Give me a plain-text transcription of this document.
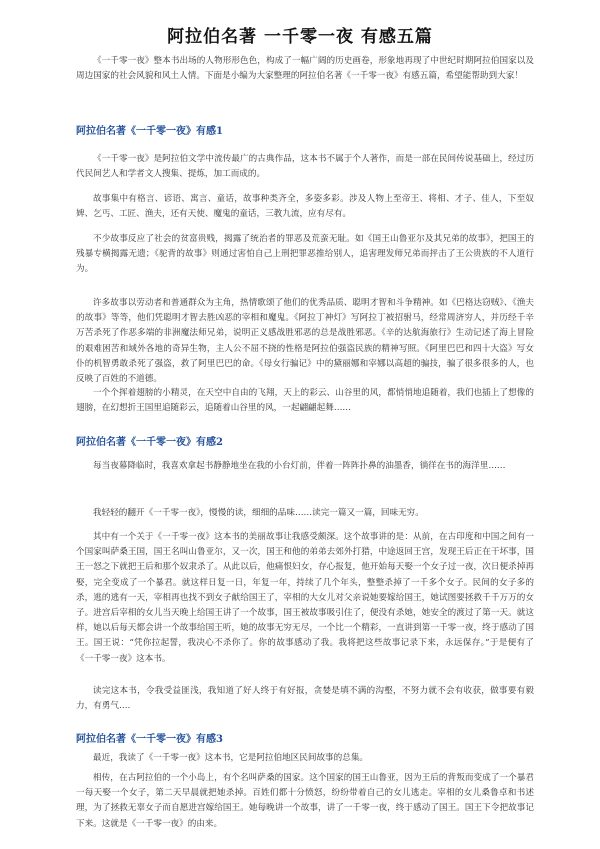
阿拉伯名著 一千零一夜 有感五篇

《一千零一夜》整本书出场的人物形形色色，构成了一幅广阔的历史画卷，形象地再现了中世纪时期阿拉伯国家以及周边国家的社会风貌和风土人情。下面是小编为大家整理的阿拉伯名著《一千零一夜》有感五篇，希望能帮助到大家！

阿拉伯名著《一千零一夜》有感1

《一千零一夜》是阿拉伯文学中流传最广的古典作品，这本书不属于个人著作，而是一部在民间传说基础上，经过历代民间艺人和学者文人搜集、提炼，加工而成的。

故事集中有格言、谚语、寓言、童话，故事种类齐全，多姿多彩。涉及人物上至帝王、将相、才子、佳人，下至奴婢、乞丐、工匠、渔夫，还有天使、魔鬼的童话，三教九流，应有尽有。

不少故事反应了社会的贫富贵贱，揭露了统治者的罪恶及荒蛮无耻。如《国王山鲁亚尔及其兄弟的故事》，把国王的残暴专横揭露无遗；《驼背的故事》则通过害怕自己上刑把罪恶推给别人，追害理发师兄弟而抨击了王公贵族的不人道行为。

许多故事以劳动者和普通群众为主角，热情歌颂了他们的优秀品质、聪明才智和斗争精神。如《巴格达窃贼》、《渔夫的故事》等等，他们凭聪明才智去胜凶恶的宰相和魔鬼。《阿拉丁神灯》写阿拉丁被招驸马，经常周济穷人，并历经千辛万苦杀死了作恶多端的非洲魔法师兄弟，说明正义感战胜邪恶的总是战胜邪恶。《辛的达航海旅行》生动记述了海上冒险的艰难困苦和域外各地的奇异生物，主人公不屈不挠的性格是阿拉伯强盗民族的精神写照。《阿里巴巴和四十大盗》写女仆的机智勇敢杀死了强盗，救了阿里巴巴的命。《母女行骗记》中的黛丽娜和宰娜以高超的骗技，骗了很多很多的人，也反映了百姓的不道德。

一个个挥着翅膀的小精灵，在天空中自由的飞翔，天上的彩云、山谷里的风，都悄悄地追随着，我们也插上了想像的翅膀，在幻想折王国里追随彩云，追随着山谷里的风，一起翩翩起舞……

阿拉伯名著《一千零一夜》有感2

每当夜幕降临时，我喜欢拿起书静静地坐在我的小台灯前，伴着一阵阵扑鼻的油墨香，徜徉在书的海洋里……

我轻轻的翻开《一千零一夜》，慢慢的读，细细的品味……读完一篇又一篇，回味无穷。

其中有一个关于《一千零一夜》这本书的美丽故事让我感受颇深。这个故事讲的是：从前，在古印度和中国之间有一个国家叫萨桑王国，国王名叫山鲁亚尔，又一次，国王和他的弟弟去郊外打猎，中途返回王宫，发现王后正在干坏事，国王一怒之下就把王后和那个奴隶杀了。从此以后，他痛恨妇女，存心报复，他开始每天娶一个女子过一夜，次日便杀掉再娶，完全变成了一个暴君。就这样日复一日，年复一年，持续了几个年头，整整杀掉了一千多个女子。民间的女子多的杀，逃的逃有一天，宰相再也找不到女子献给国王了，宰相的大女儿对父亲说她要嫁给国王，她试图要拯救千千万万的女子。进宫后宰相的女儿当天晚上给国王讲了一个故事，国王被故事吸引住了，便没有杀她，她安全的渡过了第一天。就这样，她以后每天都会讲一个故事给国王听，她的故事无穷无尽，一个比一个精彩，一直讲到第一千零一夜，终于感动了国王。国王说：“凭你拉起誓，我决心不杀你了。你的故事感动了我。我将把这些故事记录下来，永远保存。”于是便有了《一千零一夜》这本书。

读完这本书，令我受益匪浅，我知道了好人终于有好报，贪婪是填不满的沟壑，不努力就不会有收获，做事要有毅力，有勇气….

阿拉伯名著《一千零一夜》有感3

最近，我读了《一千零一夜》这本书，它是阿拉伯地区民间故事的总集。

相传，在古阿拉伯的一个小岛上，有个名叫萨桑的国家。这个国家的国王山鲁亚，因为王后的背叛而变成了一个暴君一每天娶一个女子，第二天早晨就把她杀掉。百姓们都十分愤怒，纷纷带着自己的女儿逃走。宰相的女儿桑鲁卓和书述理，为了拯救无辜女子而自愿进宫嫁给国王。她每晚讲一个故事，讲了一千零一夜，终于感动了国王。国王下令把故事记下来。这就是《一千零一夜》的由来。
